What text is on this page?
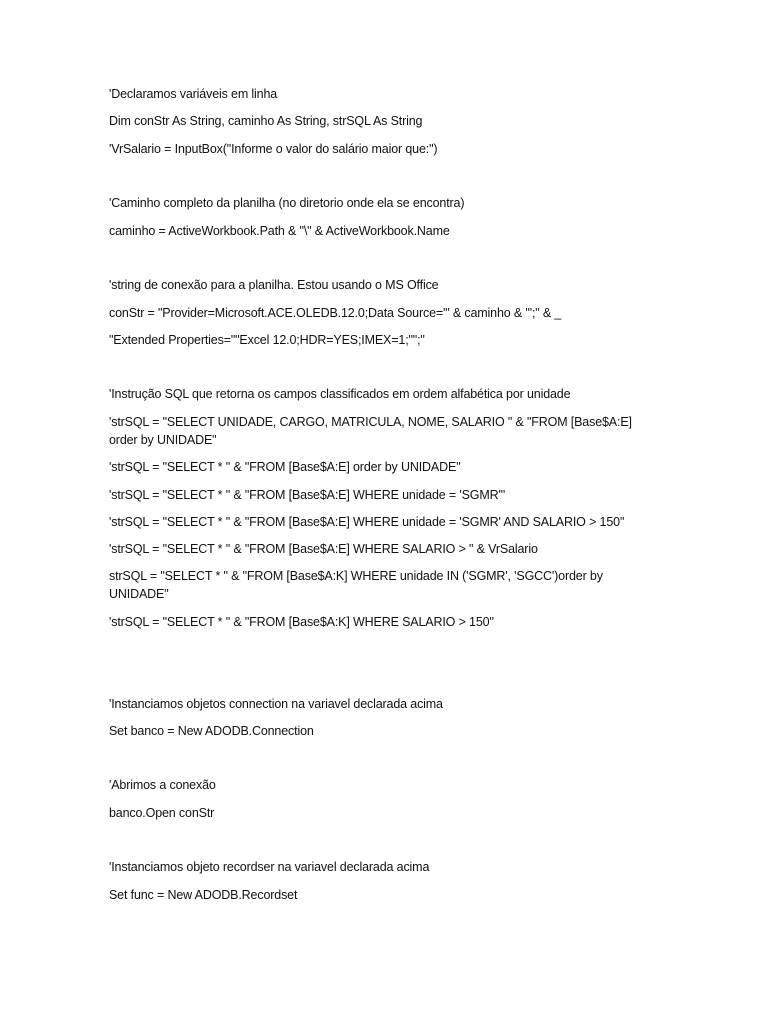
'Declaramos variáveis em linha
Dim conStr As String, caminho As String, strSQL As String
'VrSalario = InputBox("Informe o valor do salário maior que:")
'Caminho completo da planilha (no diretorio onde ela se encontra)
caminho = ActiveWorkbook.Path & "\" & ActiveWorkbook.Name
'string de conexão para a planilha. Estou usando o MS Office
conStr = "Provider=Microsoft.ACE.OLEDB.12.0;Data Source='" & caminho & "';" & _
"Extended Properties=""Excel 12.0;HDR=YES;IMEX=1;"";"
'Instrução SQL que retorna os campos classificados em ordem alfabética por unidade
'strSQL = "SELECT UNIDADE, CARGO, MATRICULA, NOME, SALARIO " & "FROM [Base$A:E] order by UNIDADE"
'strSQL = "SELECT * " & "FROM [Base$A:E] order by UNIDADE"
'strSQL = "SELECT * " & "FROM [Base$A:E] WHERE unidade = 'SGMR'"
'strSQL = "SELECT * " & "FROM [Base$A:E] WHERE unidade = 'SGMR' AND SALARIO > 150"
'strSQL = "SELECT * " & "FROM [Base$A:E] WHERE SALARIO > " & VrSalario
strSQL = "SELECT * " & "FROM [Base$A:K] WHERE unidade IN ('SGMR', 'SGCC')order by UNIDADE"
'strSQL = "SELECT * " & "FROM [Base$A:K] WHERE SALARIO > 150"
'Instanciamos objetos connection na variavel declarada acima
Set banco = New ADODB.Connection
'Abrimos a conexão
banco.Open conStr
'Instanciamos objeto recordser na variavel declarada acima
Set func = New ADODB.Recordset
